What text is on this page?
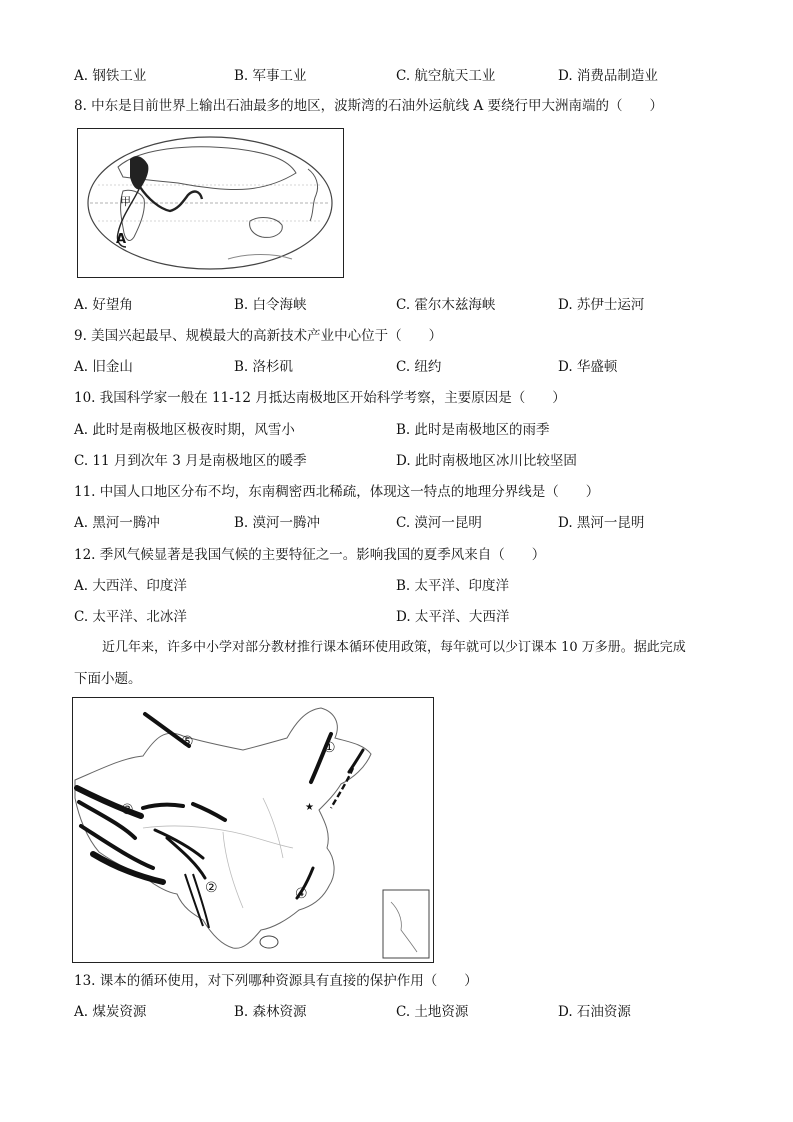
A. 钢铁工业	B. 军事工业	C. 航空航天工业	D. 消费品制造业
8. 中东是目前世界上输出石油最多的地区，波斯湾的石油外运航线 A 要绕行甲大洲南端的（　　）
甲
A
A. 好望角	B. 白令海峡	C. 霍尔木兹海峡	D. 苏伊士运河
9. 美国兴起最早、规模最大的高新技术产业中心位于（　　）
A. 旧金山	B. 洛杉矶	C. 纽约	D. 华盛顿
10. 我国科学家一般在 11-12 月抵达南极地区开始科学考察，主要原因是（　　）
A. 此时是南极地区极夜时期，风雪小	B. 此时是南极地区的雨季
C. 11 月到次年 3 月是南极地区的暖季	D. 此时南极地区冰川比较坚固
11. 中国人口地区分布不均，东南稠密西北稀疏，体现这一特点的地理分界线是（　　）
A. 黑河一腾冲	B. 漠河一腾冲	C. 漠河一昆明	D. 黑河一昆明
12. 季风气候显著是我国气候的主要特征之一。影响我国的夏季风来自（　　）
A. 大西洋、印度洋	B. 太平洋、印度洋
C. 太平洋、北冰洋	D. 太平洋、大西洋
近几年来，许多中小学对部分教材推行课本循环使用政策，每年就可以少订课本 10 万多册。据此完成
下面小题。
★
①
②
③
④
⑤
13. 课本的循环使用，对下列哪种资源具有直接的保护作用（　　）
A. 煤炭资源	B. 森林资源	C. 土地资源	D. 石油资源
